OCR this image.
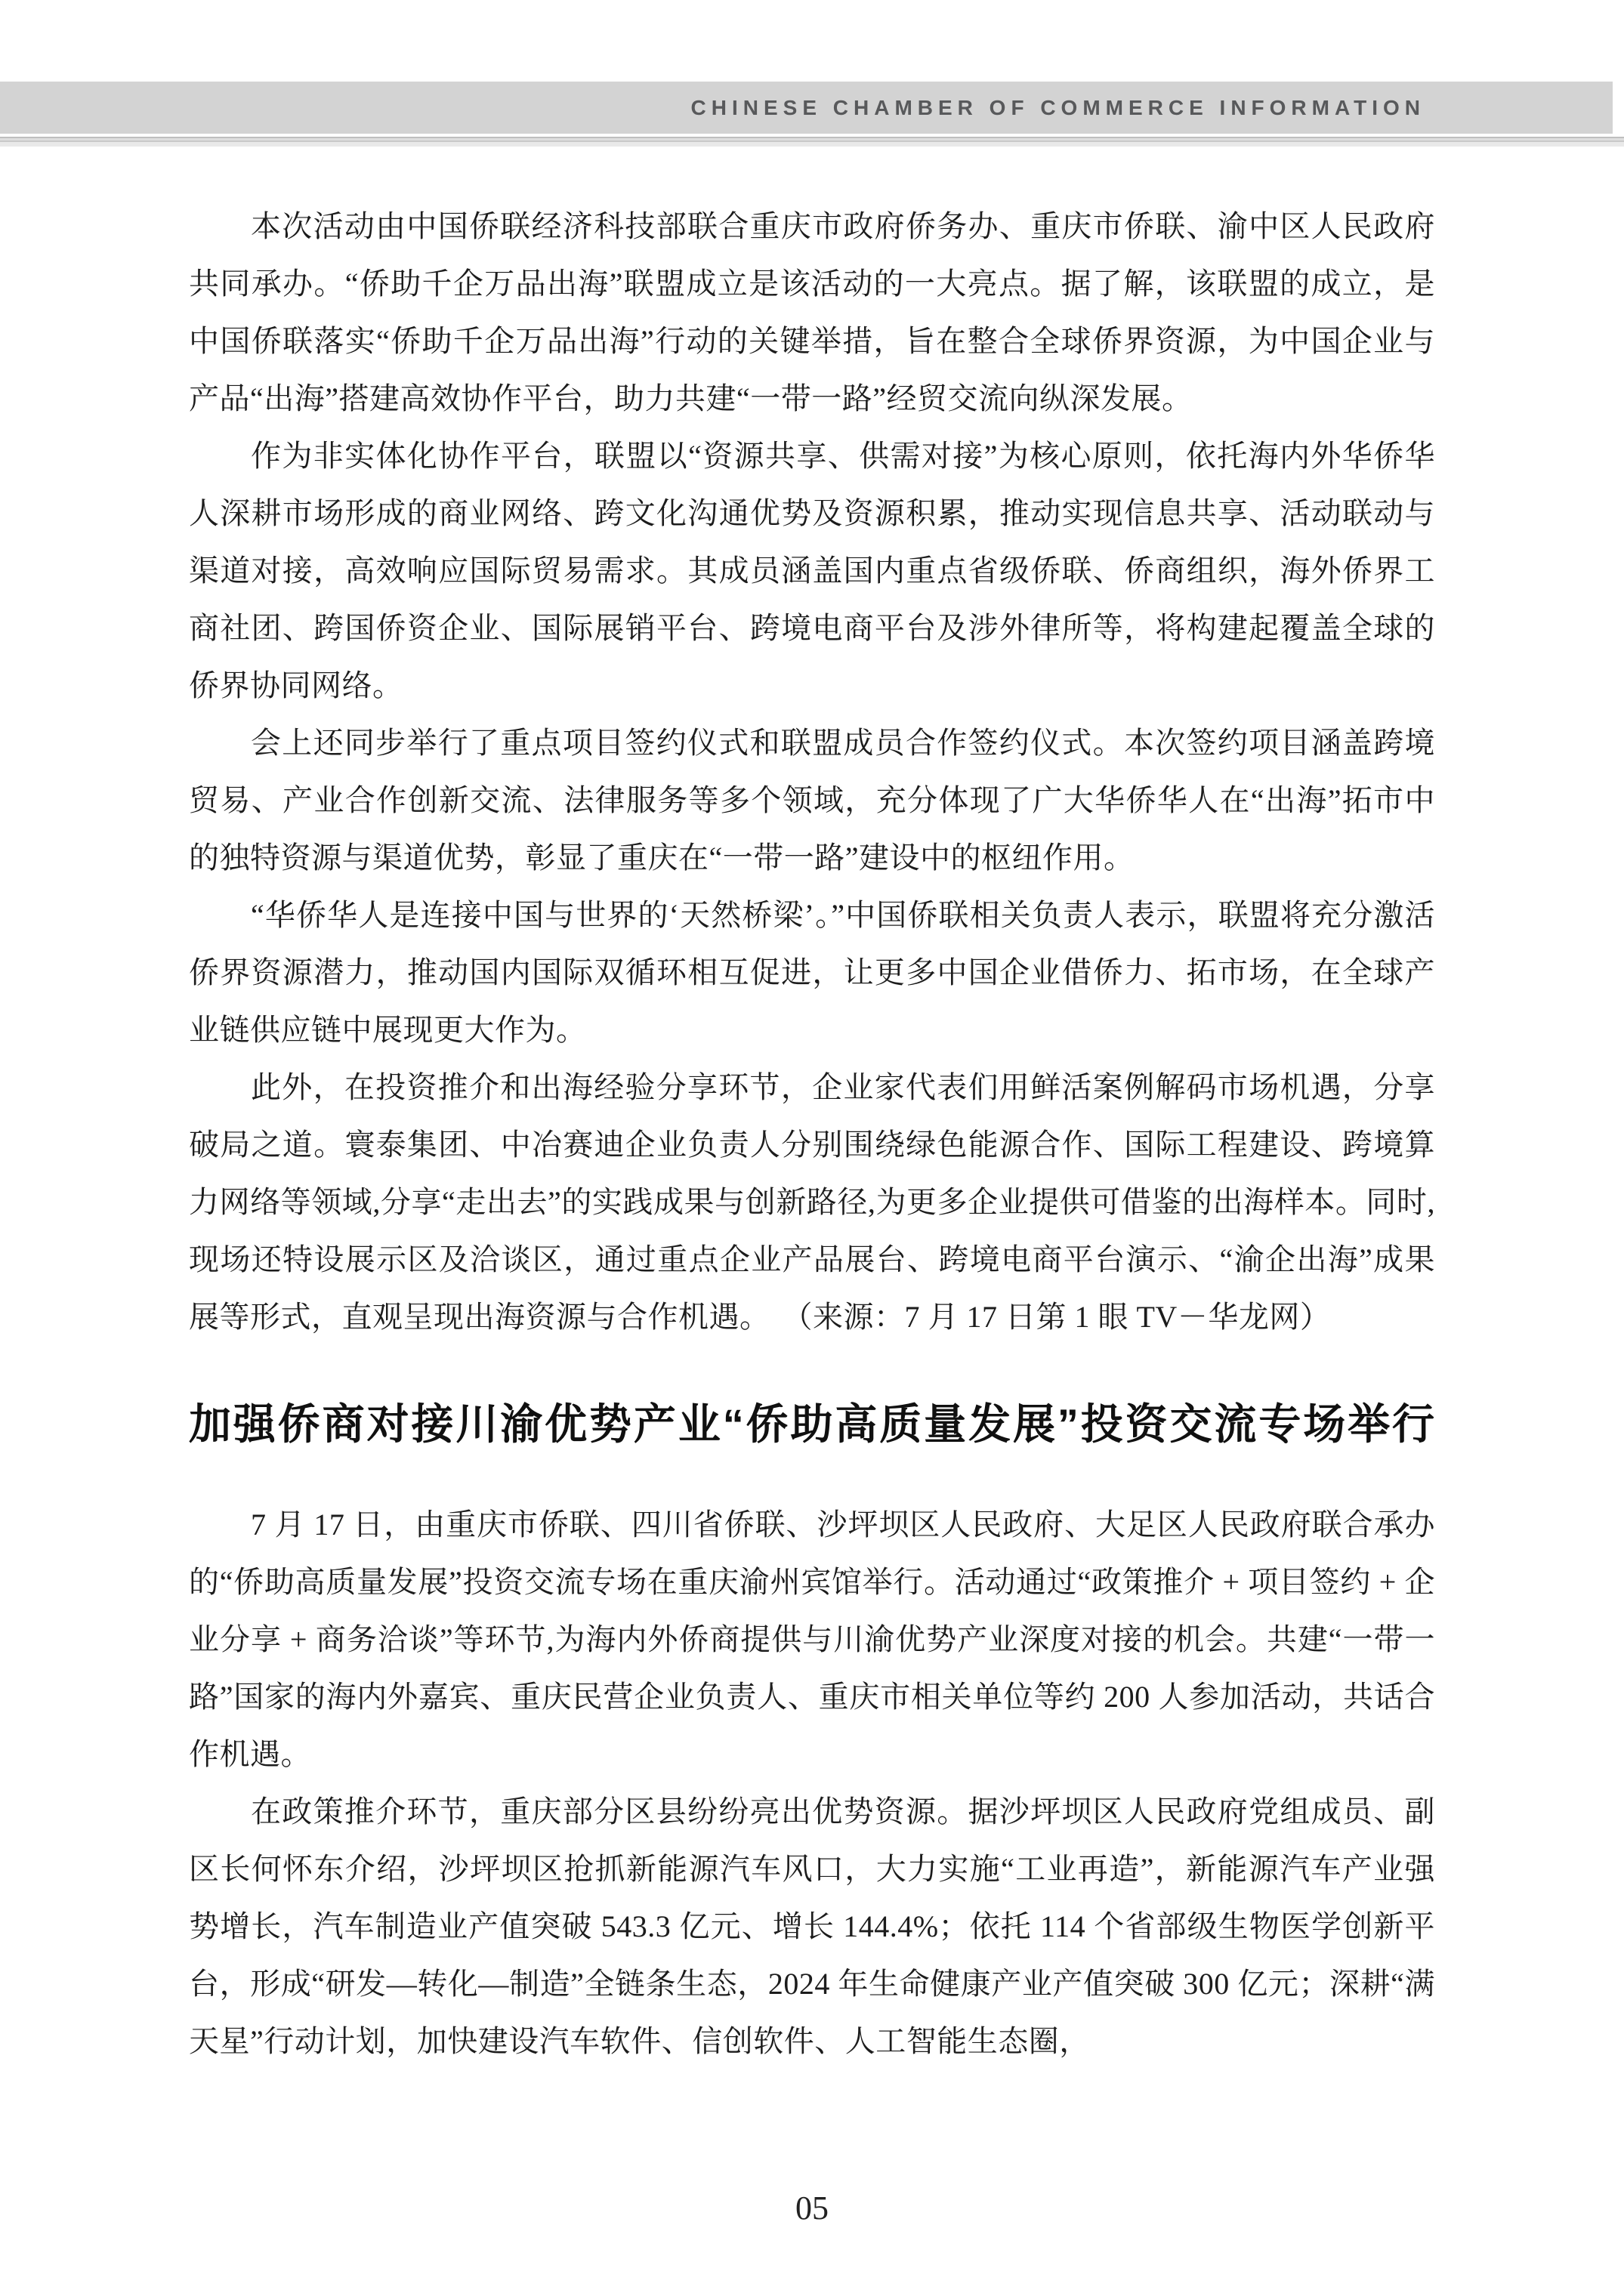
CHINESE CHAMBER OF COMMERCE INFORMATION

本次活动由中国侨联经济科技部联合重庆市政府侨务办、重庆市侨联、渝中区人民政府共同承办。“侨助千企万品出海”联盟成立是该活动的一大亮点。据了解，该联盟的成立，是中国侨联落实“侨助千企万品出海”行动的关键举措，旨在整合全球侨界资源，为中国企业与产品“出海”搭建高效协作平台，助力共建“一带一路”经贸交流向纵深发展。

作为非实体化协作平台，联盟以“资源共享、供需对接”为核心原则，依托海内外华侨华人深耕市场形成的商业网络、跨文化沟通优势及资源积累，推动实现信息共享、活动联动与渠道对接，高效响应国际贸易需求。其成员涵盖国内重点省级侨联、侨商组织，海外侨界工商社团、跨国侨资企业、国际展销平台、跨境电商平台及涉外律所等，将构建起覆盖全球的侨界协同网络。

会上还同步举行了重点项目签约仪式和联盟成员合作签约仪式。本次签约项目涵盖跨境贸易、产业合作创新交流、法律服务等多个领域，充分体现了广大华侨华人在“出海”拓市中的独特资源与渠道优势，彰显了重庆在“一带一路”建设中的枢纽作用。

“华侨华人是连接中国与世界的‘天然桥梁’。”中国侨联相关负责人表示，联盟将充分激活侨界资源潜力，推动国内国际双循环相互促进，让更多中国企业借侨力、拓市场，在全球产业链供应链中展现更大作为。

此外，在投资推介和出海经验分享环节，企业家代表们用鲜活案例解码市场机遇，分享破局之道。寰泰集团、中冶赛迪企业负责人分别围绕绿色能源合作、国际工程建设、跨境算力网络等领域,分享“走出去”的实践成果与创新路径,为更多企业提供可借鉴的出海样本。同时,现场还特设展示区及洽谈区，通过重点企业产品展台、跨境电商平台演示、“渝企出海”成果展等形式，直观呈现出海资源与合作机遇。 （来源：7 月 17 日第 1 眼 TV－华龙网）

加强侨商对接川渝优势产业“侨助高质量发展”投资交流专场举行

7 月 17 日，由重庆市侨联、四川省侨联、沙坪坝区人民政府、大足区人民政府联合承办的“侨助高质量发展”投资交流专场在重庆渝州宾馆举行。活动通过“政策推介 + 项目签约 + 企业分享 + 商务洽谈”等环节,为海内外侨商提供与川渝优势产业深度对接的机会。共建“一带一路”国家的海内外嘉宾、重庆民营企业负责人、重庆市相关单位等约 200 人参加活动，共话合作机遇。

在政策推介环节，重庆部分区县纷纷亮出优势资源。据沙坪坝区人民政府党组成员、副区长何怀东介绍，沙坪坝区抢抓新能源汽车风口，大力实施“工业再造”，新能源汽车产业强势增长，汽车制造业产值突破 543.3 亿元、增长 144.4%；依托 114 个省部级生物医学创新平台，形成“研发—转化—制造”全链条生态，2024 年生命健康产业产值突破 300 亿元；深耕“满天星”行动计划，加快建设汽车软件、信创软件、人工智能生态圈，

05
